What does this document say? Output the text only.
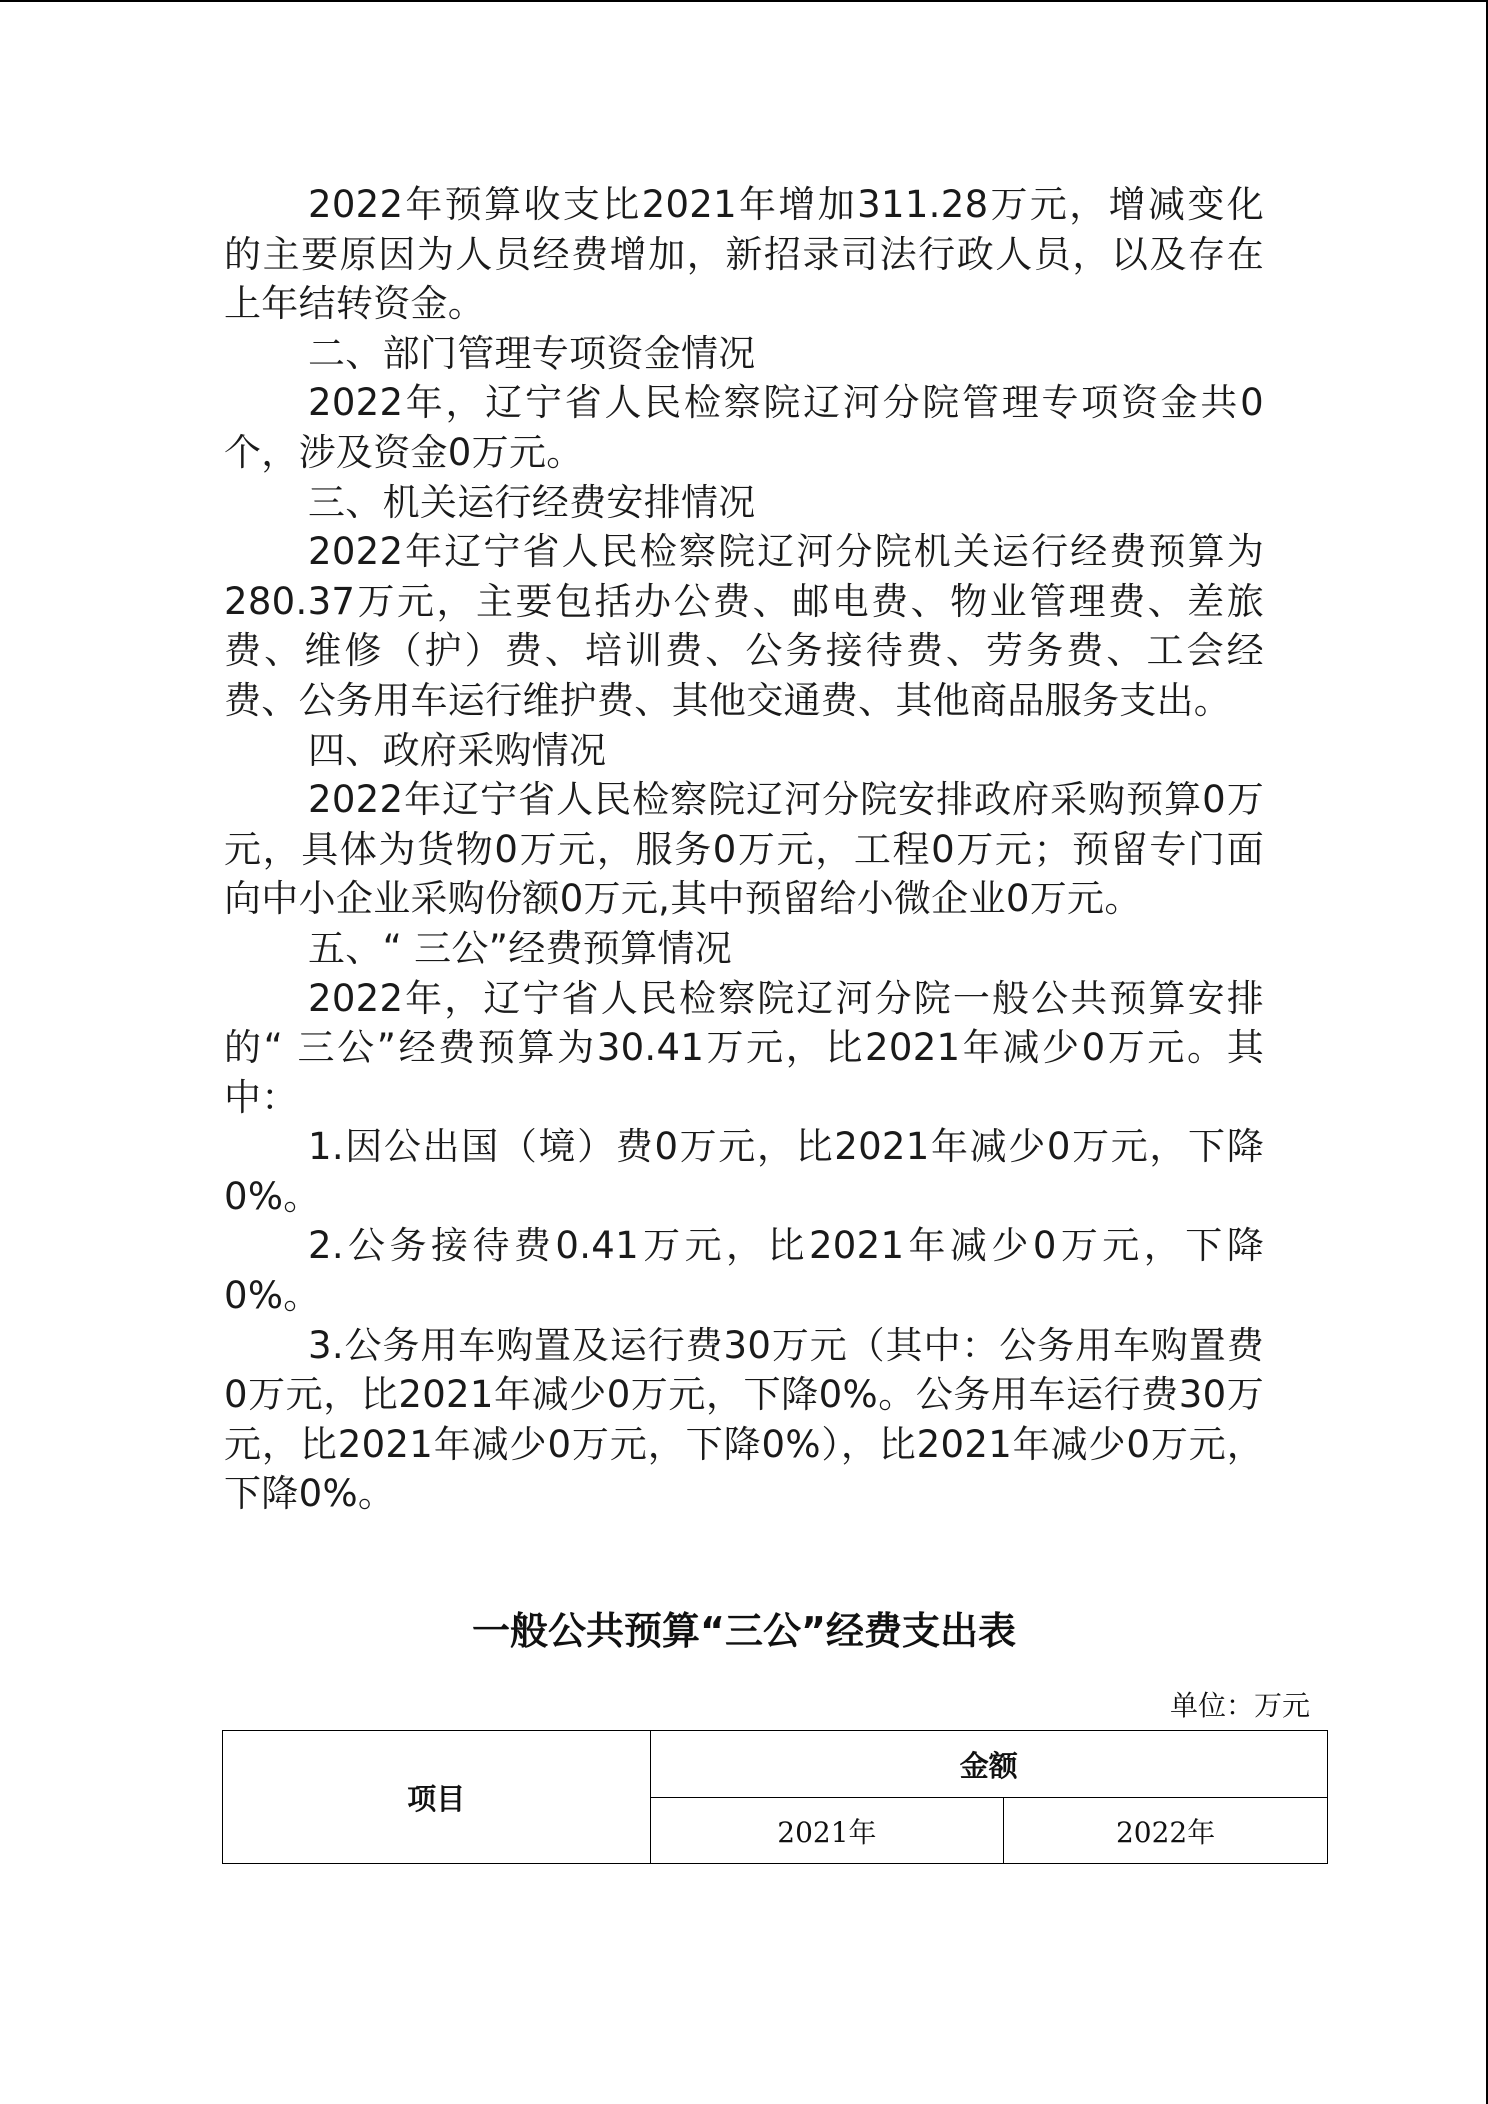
2022年预算收支比2021年增加311.28万元，增减变化的主要原因为人员经费增加，新招录司法行政人员，以及存在上年结转资金。

二、部门管理专项资金情况

2022年，辽宁省人民检察院辽河分院管理专项资金共0个，涉及资金0万元。

三、机关运行经费安排情况

2022年辽宁省人民检察院辽河分院机关运行经费预算为280.37万元，主要包括办公费、邮电费、物业管理费、差旅费、维修（护）费、培训费、公务接待费、劳务费、工会经费、公务用车运行维护费、其他交通费、其他商品服务支出。

四、政府采购情况

2022年辽宁省人民检察院辽河分院安排政府采购预算0万元，具体为货物0万元，服务0万元，工程0万元；预留专门面向中小企业采购份额0万元,其中预留给小微企业0万元。

五、“ 三公”经费预算情况

2022年，辽宁省人民检察院辽河分院一般公共预算安排的“ 三公”经费预算为30.41万元，比2021年减少0万元。其中：

1.因公出国（境）费0万元，比2021年减少0万元，下降0%。

2.公务接待费0.41万元，比2021年减少0万元，下降0%。

3.公务用车购置及运行费30万元（其中：公务用车购置费0万元，比2021年减少0万元，下降0%。公务用车运行费30万元，比2021年减少0万元，下降0%），比2021年减少0万元，下降0%。

一般公共预算“三公”经费支出表
单位：万元
项目	金额	
	2021年	2022年
